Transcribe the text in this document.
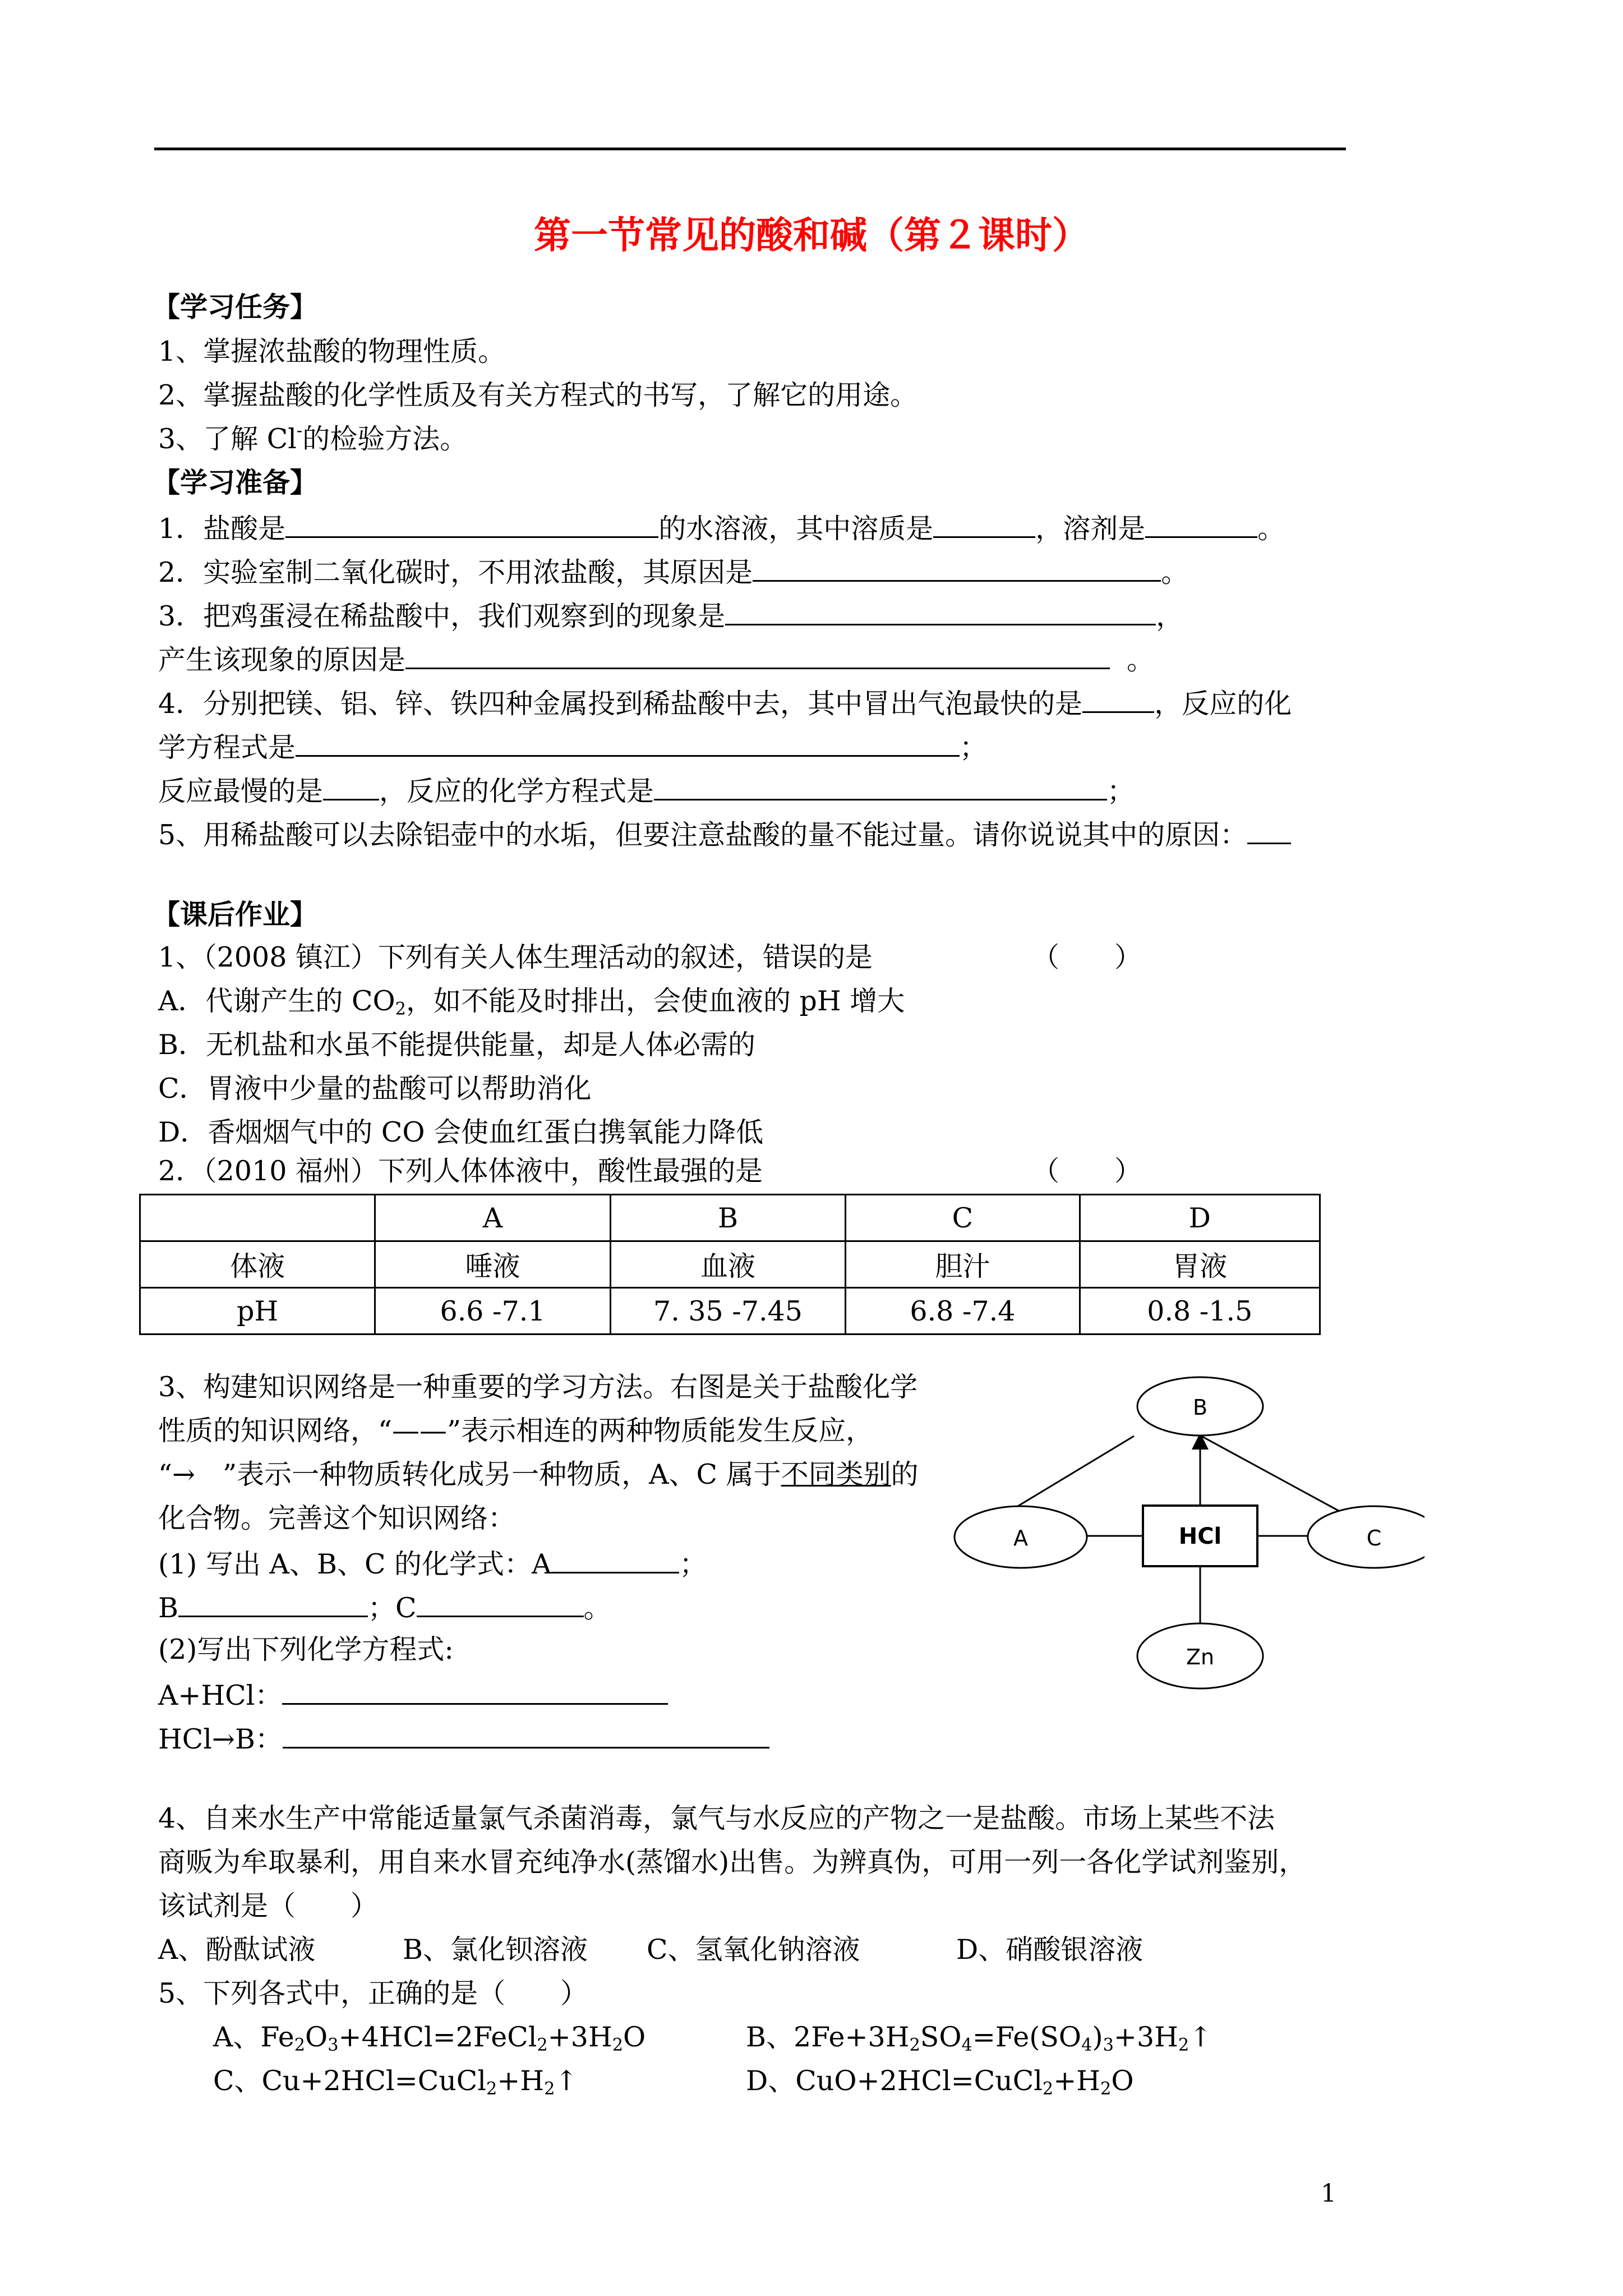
第一节常见的酸和碱（第２课时）
【学习任务】
1、掌握浓盐酸的物理性质。
2、掌握盐酸的化学性质及有关方程式的书写，了解它的用途。
3、了解 Cl-的检验方法。
【学习准备】
1．盐酸是	的水溶液，其中溶质是	，溶剂是	。
2．实验室制二氧化碳时，不用浓盐酸，其原因是	。
3．把鸡蛋浸在稀盐酸中，我们观察到的现象是	，
产生该现象的原因是	。
4．分别把镁、铝、锌、铁四种金属投到稀盐酸中去，其中冒出气泡最快的是	，反应的化
学方程式是	；
反应最慢的是 ，反应的化学方程式是	；
5、用稀盐酸可以去除铝壶中的水垢，但要注意盐酸的量不能过量。请你说说其中的原因：
【课后作业】
1、（2008 镇江）下列有关人体生理活动的叙述，错误的是	（　　）
A．代谢产生的 $CO_2$，如不能及时排出，会使血液的 pH 增大
B．无机盐和水虽不能提供能量，却是人体必需的
C．胃液中少量的盐酸可以帮助消化
D．香烟烟气中的 CO 会使血红蛋白携氧能力降低
2．（2010 福州）下列人体体液中，酸性最强的是	（　　）
	A	B	C	D
体液	唾液	血液	胆汁	胃液
pH	6.6 -7.1	7. 35 -7.45	6.8 -7.4	0.8 -1.5
3、构建知识网络是一种重要的学习方法。右图是关于盐酸化学
性质的知识网络，“——”表示相连的两种物质能发生反应，
“→　”表示一种物质转化成另一种物质，A、C 属于不同类别的
化合物。完善这个知识网络：
(1) 写出 A、B、C 的化学式：A	；
B	；C	。
(2)写出下列化学方程式:
A+HCl：
HCl→B：
B
A	HCl	C
Zn
4、自来水生产中常能适量氯气杀菌消毒，氯气与水反应的产物之一是盐酸。市场上某些不法
商贩为牟取暴利，用自来水冒充纯净水(蒸馏水)出售。为辨真伪，可用一列一各化学试剂鉴别，
该试剂是（　　）
A、酚酞试液	B、氯化钡溶液 C、氢氧化钠溶液	D、硝酸银溶液
5、下列各式中，正确的是（　　）
A、$Fe_2O_3+4HCl=2FeCl_2+3H_2O$	B、$2Fe+3H_2SO_4=Fe(SO_4)_3+3H_2↑$
C、$Cu+2HCl=CuCl_2+H_2↑$	D、$CuO+2HCl=CuCl_2+H_2O$
1
